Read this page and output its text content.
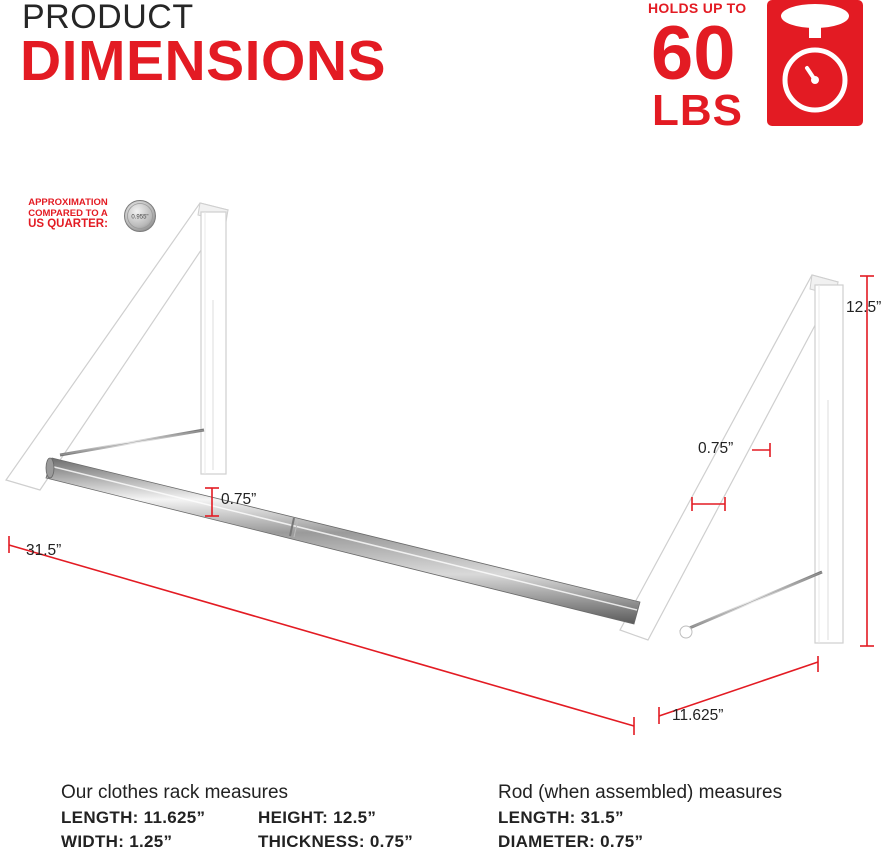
PRODUCT
DIMENSIONS
HOLDS UP TO
60
LBS
APPROXIMATION
COMPARED TO A
US QUARTER:
0.955"
12.5”
0.75”
0.75”
31.5”
11.625”
Our clothes rack measures
LENGTH: 11.625”
WIDTH: 1.25”
HEIGHT: 12.5”
THICKNESS: 0.75”
Rod (when assembled) measures
LENGTH: 31.5”
DIAMETER: 0.75”
